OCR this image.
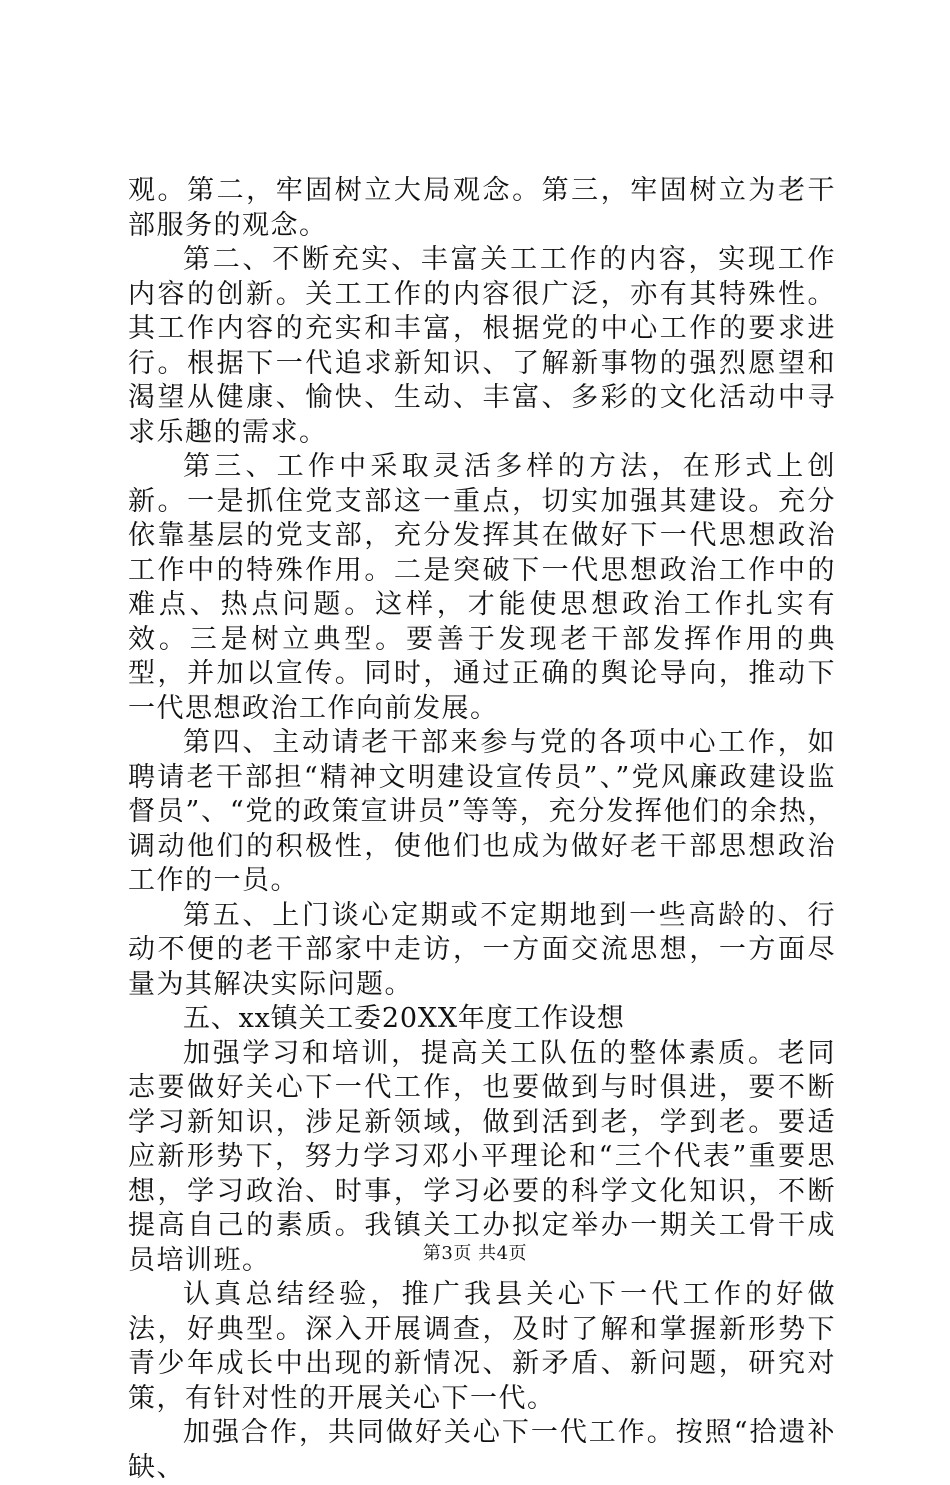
观。第二，牢固树立大局观念。第三，牢固树立为老干部服务的观念。

第二、不断充实、丰富关工工作的内容，实现工作内容的创新。关工工作的内容很广泛，亦有其特殊性。其工作内容的充实和丰富，根据党的中心工作的要求进行。根据下一代追求新知识、了解新事物的强烈愿望和渴望从健康、愉快、生动、丰富、多彩的文化活动中寻求乐趣的需求。

第三、工作中采取灵活多样的方法，在形式上创新。一是抓住党支部这一重点，切实加强其建设。充分依靠基层的党支部，充分发挥其在做好下一代思想政治工作中的特殊作用。二是突破下一代思想政治工作中的难点、热点问题。这样，才能使思想政治工作扎实有效。三是树立典型。要善于发现老干部发挥作用的典型，并加以宣传。同时，通过正确的舆论导向，推动下一代思想政治工作向前发展。

第四、主动请老干部来参与党的各项中心工作，如聘请老干部担“精神文明建设宣传员”、”党风廉政建设监督员”、“党的政策宣讲员”等等，充分发挥他们的余热，调动他们的积极性，使他们也成为做好老干部思想政治工作的一员。

第五、上门谈心定期或不定期地到一些高龄的、行动不便的老干部家中走访，一方面交流思想，一方面尽量为其解决实际问题。

五、xx镇关工委20XX年度工作设想

加强学习和培训，提高关工队伍的整体素质。老同志要做好关心下一代工作，也要做到与时俱进，要不断学习新知识，涉足新领域，做到活到老，学到老。要适应新形势下，努力学习邓小平理论和“三个代表”重要思想，学习政治、时事，学习必要的科学文化知识，不断提高自己的素质。我镇关工办拟定举办一期关工骨干成员培训班。

认真总结经验，推广我县关心下一代工作的好做法，好典型。深入开展调查，及时了解和掌握新形势下青少年成长中出现的新情况、新矛盾、新问题，研究对策，有针对性的开展关心下一代。

加强合作，共同做好关心下一代工作。按照“拾遗补缺、

第3页 共4页
